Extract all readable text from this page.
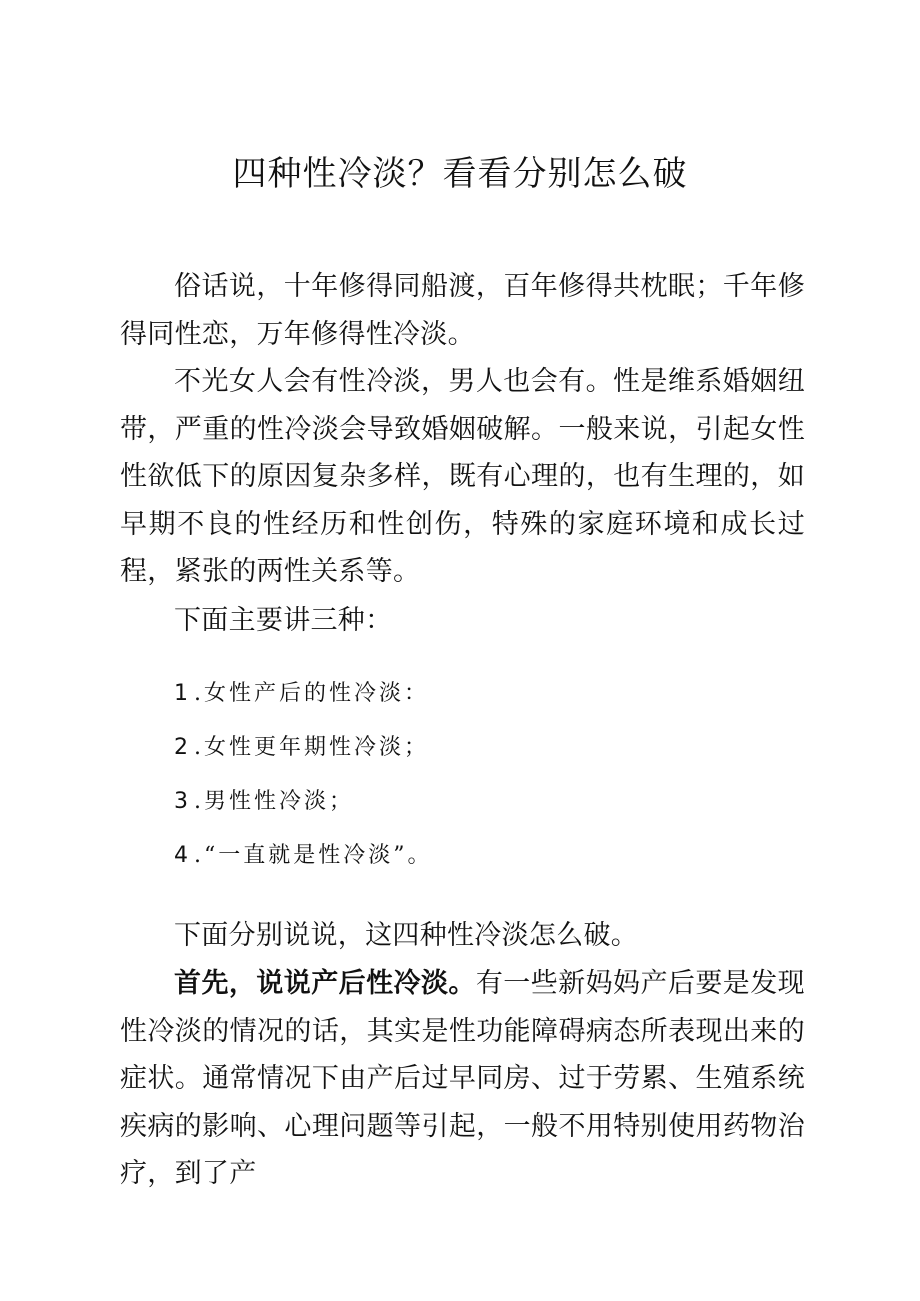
四种性冷淡？看看分别怎么破

俗话说，十年修得同船渡，百年修得共枕眠；千年修得同性恋，万年修得性冷淡。

不光女人会有性冷淡，男人也会有。性是维系婚姻纽带，严重的性冷淡会导致婚姻破解。一般来说，引起女性性欲低下的原因复杂多样，既有心理的，也有生理的，如早期不良的性经历和性创伤，特殊的家庭环境和成长过程，紧张的两性关系等。

下面主要讲三种：

1 .女性产后的性冷淡：
2 .女性更年期性冷淡；
3 .男性性冷淡；
4 .“一直就是性冷淡”。

下面分别说说，这四种性冷淡怎么破。

首先，说说产后性冷淡。有一些新妈妈产后要是发现性冷淡的情况的话，其实是性功能障碍病态所表现出来的症状。通常情况下由产后过早同房、过于劳累、生殖系统疾病的影响、心理问题等引起，一般不用特别使用药物治疗，到了产
